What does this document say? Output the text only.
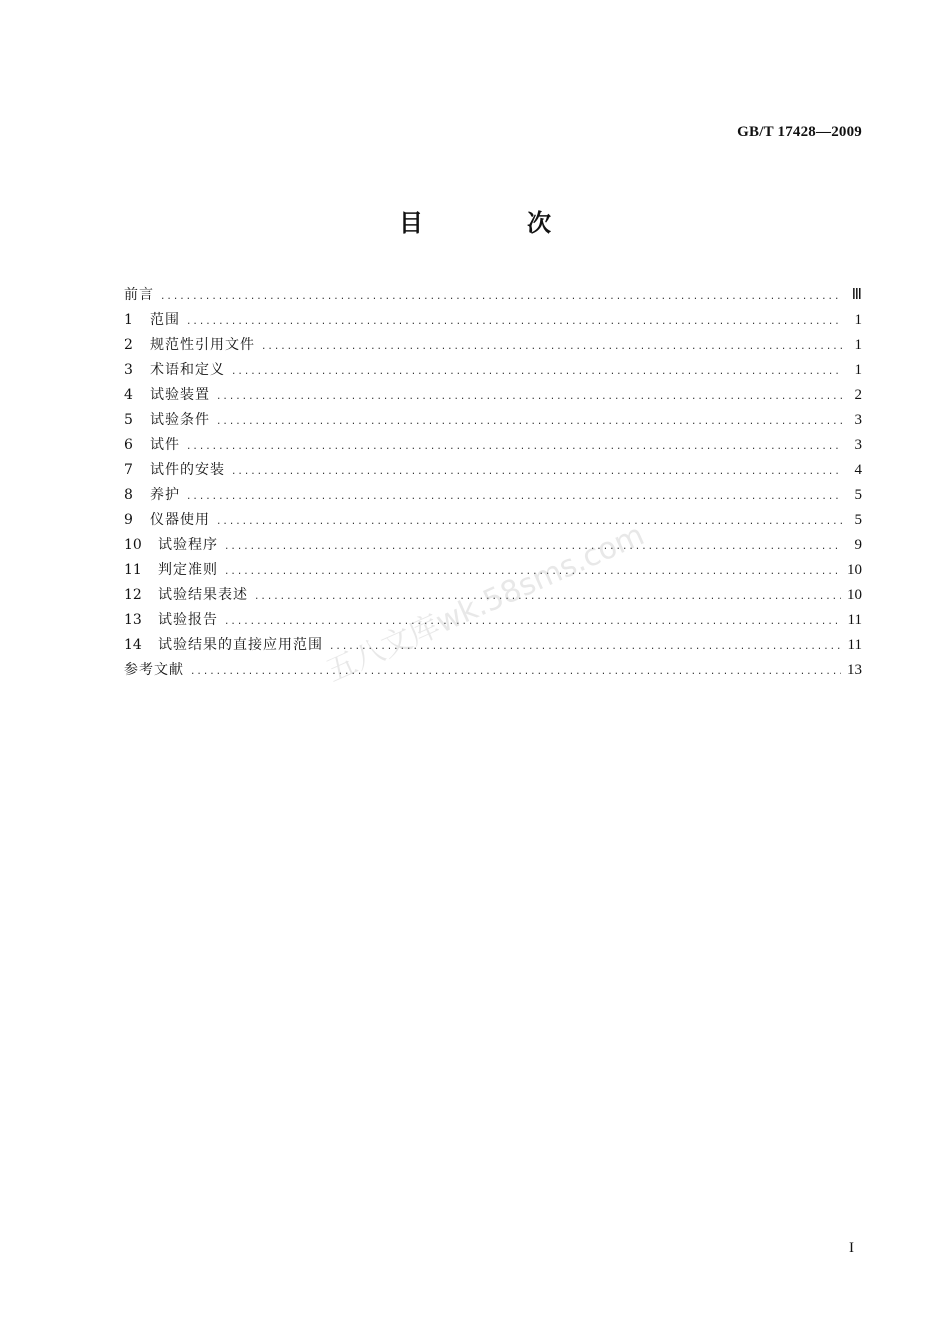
GB/T 17428—2009
目　次
前言 .....	Ⅲ
1	范围 .....	1
2	规范性引用文件 .....	1
3	术语和定义 .....	1
4	试验装置 .....	2
5	试验条件 .....	3
6	试件 .....	3
7	试件的安装 .....	4
8	养护 .....	5
9	仪器使用 .....	5
10	试验程序 .....	9
11	判定准则 .....	10
12	试验结果表述 .....	10
13	试验报告 .....	11
14	试验结果的直接应用范围 .....	11
参考文献 .....	13
五八文库wk.58sms.com
I
